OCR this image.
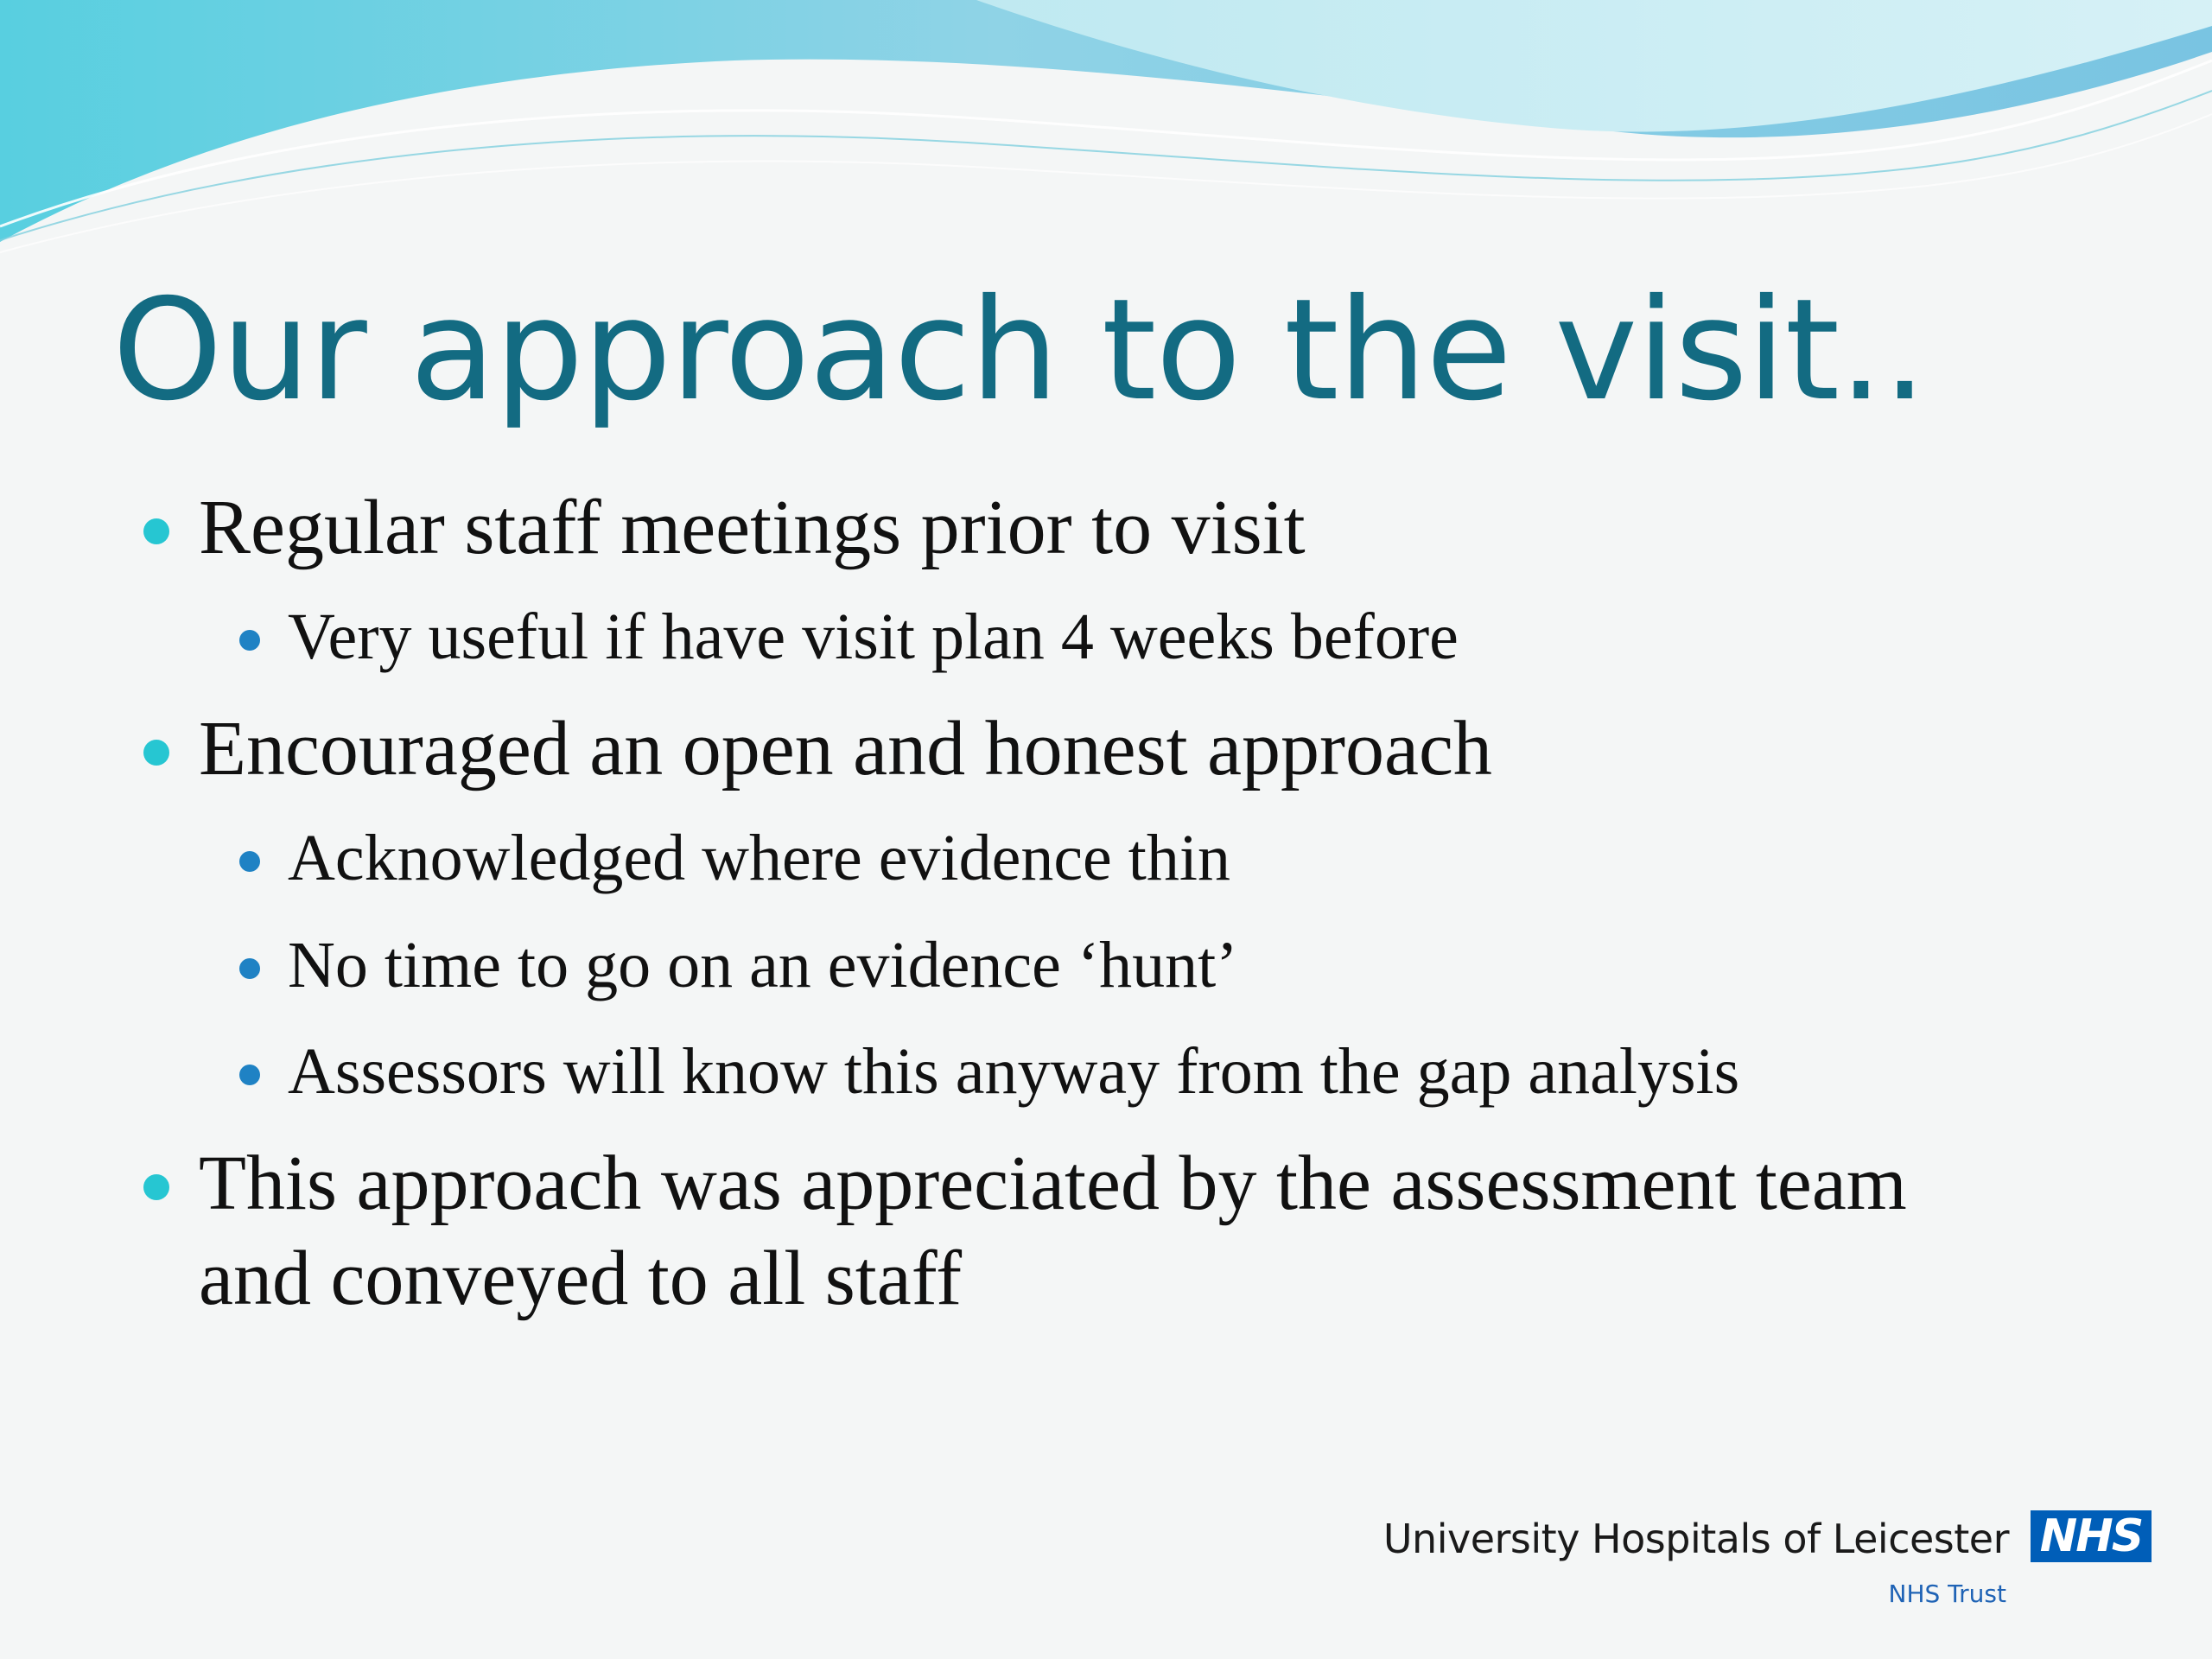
Our approach to the visit..
Regular staff meetings prior to visit
Very useful if have visit plan 4 weeks before
Encouraged an open and honest approach
Acknowledged where evidence thin
No time to go on an evidence ‘hunt’
Assessors will know this anyway from the gap analysis
This approach was appreciated by the assessment team
and conveyed to all staff
University Hospitals of Leicester
NHS Trust
NHS
